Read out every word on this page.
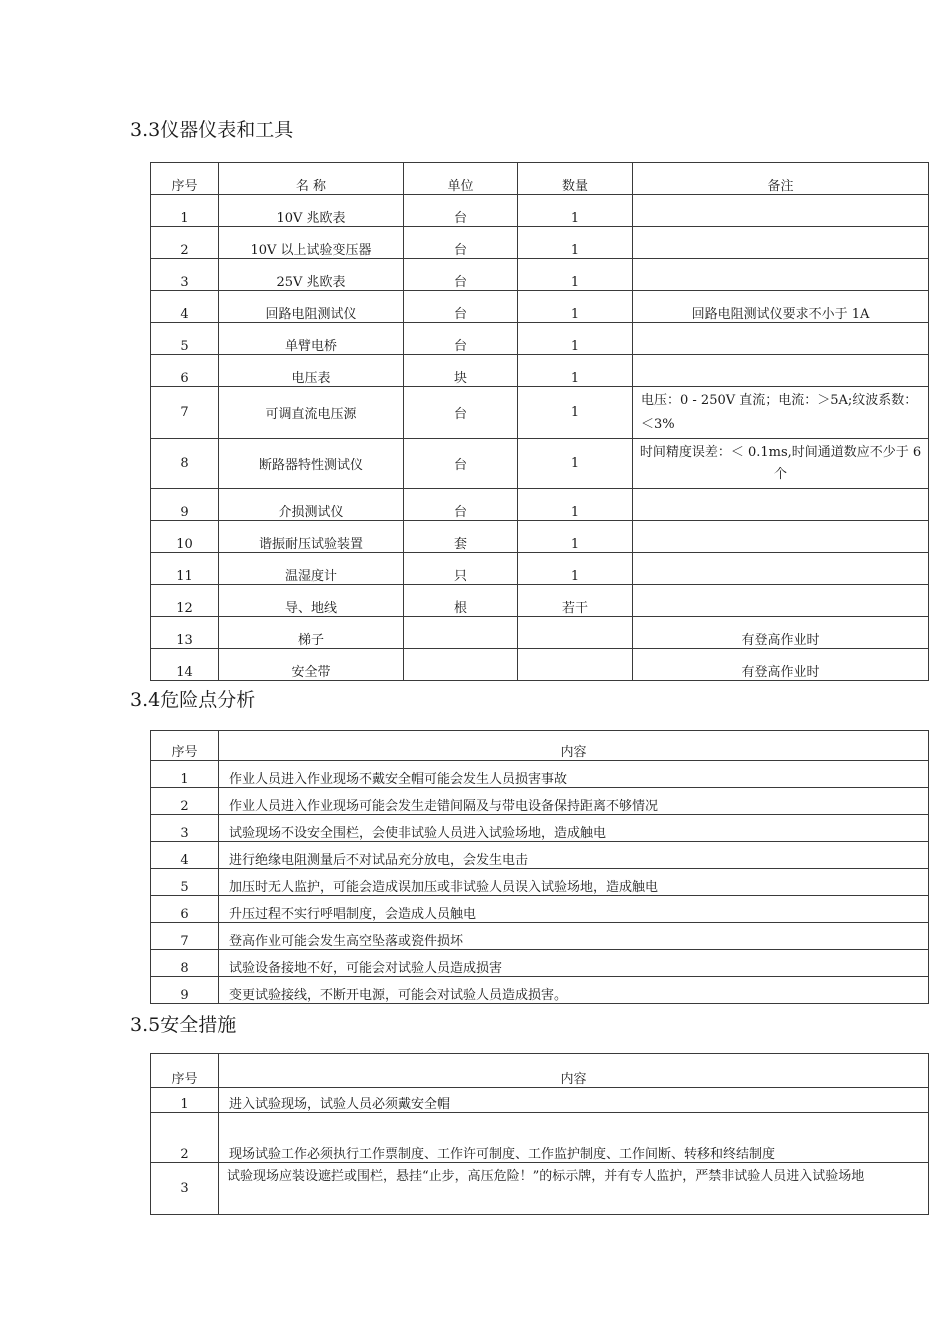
3.3仪器仪表和工具
序号	名 称	单位	数量	备注
1	10V 兆欧表	台	1	
2	10V 以上试验变压器	台	1	
3	25V 兆欧表	台	1	
4	回路电阻测试仪	台	1	回路电阻测试仪要求不小于 1A
5	单臂电桥	台	1	
6	电压表	块	1	
7	可调直流电压源	台	1	电压：0 - 250V 直流；电流：＞5A;纹波系数：＜3%
8	断路器特性测试仪	台	1	时间精度误差：＜ 0.1ms,时间通道数应不少于 6 个
9	介损测试仪	台	1	
10	谐振耐压试验装置	套	1	
11	温湿度计	只	1	
12	导、地线	根	若干	
13	梯子			有登高作业时
14	安全带			有登高作业时
3.4危险点分析
序号	内容
1	作业人员进入作业现场不戴安全帽可能会发生人员损害事故
2	作业人员进入作业现场可能会发生走错间隔及与带电设备保持距离不够情况
3	试验现场不设安全围栏，会使非试验人员进入试验场地，造成触电
4	进行绝缘电阻测量后不对试品充分放电，会发生电击
5	加压时无人监护，可能会造成误加压或非试验人员误入试验场地，造成触电
6	升压过程不实行呼唱制度，会造成人员触电
7	登高作业可能会发生高空坠落或瓷件损坏
8	试验设备接地不好，可能会对试验人员造成损害
9	变更试验接线，不断开电源，可能会对试验人员造成损害。
3.5安全措施
序号	内容
1	进入试验现场，试验人员必须戴安全帽
2	现场试验工作必须执行工作票制度、工作许可制度、工作监护制度、工作间断、转移和终结制度
3	试验现场应装设遮拦或围栏，悬挂“止步，高压危险！”的标示牌，并有专人监护，严禁非试验人员进入试验场地
